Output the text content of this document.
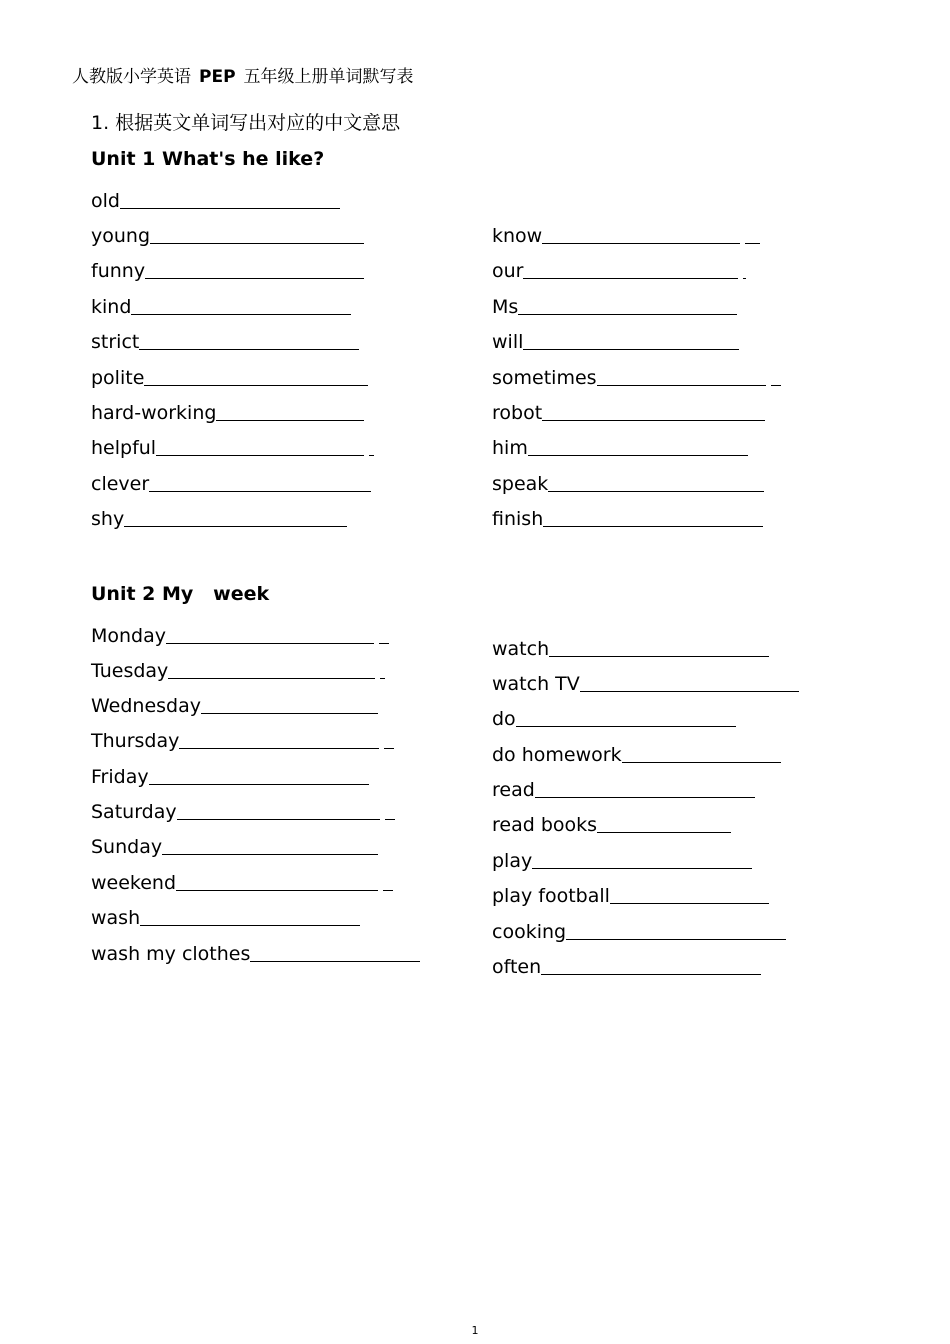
人教版小学英语 PEP 五年级上册单词默写表
1. 根据英文单词写出对应的中文意思
Unit 1 What's he like?
old
young
funny
kind
strict
polite
hard-working
helpful
clever
shy
know
our
Ms
will
sometimes
robot
him
speak
finish
Unit 2 My   week
Monday
Tuesday
Wednesday
Thursday
Friday
Saturday
Sunday
weekend
wash
wash my clothes
watch
watch TV
do
do homework
read
read books
play
play football
cooking
often
1
